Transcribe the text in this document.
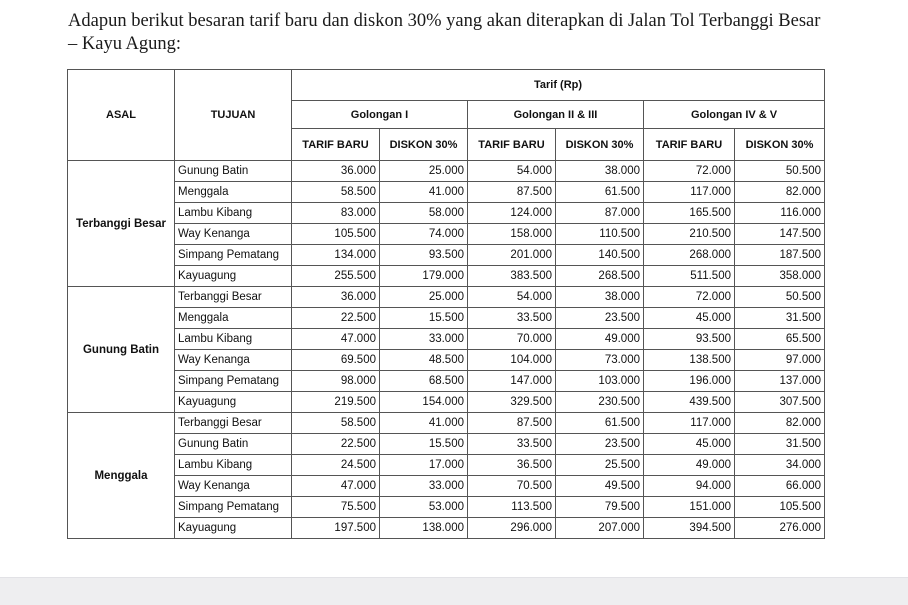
Adapun berikut besaran tarif baru dan diskon 30% yang akan diterapkan di Jalan Tol Terbanggi Besar
– Kayu Agung:

ASAL	TUJUAN	Tarif (Rp)					
		Golongan I		Golongan II & III		Golongan IV & V	
		TARIF BARU	DISKON 30%	TARIF BARU	DISKON 30%	TARIF BARU	DISKON 30%
Terbanggi Besar	Gunung Batin	36.000	25.000	54.000	38.000	72.000	50.500
	Menggala	58.500	41.000	87.500	61.500	117.000	82.000
	Lambu Kibang	83.000	58.000	124.000	87.000	165.500	116.000
	Way Kenanga	105.500	74.000	158.000	110.500	210.500	147.500
	Simpang Pematang	134.000	93.500	201.000	140.500	268.000	187.500
	Kayuagung	255.500	179.000	383.500	268.500	511.500	358.000
Gunung Batin	Terbanggi Besar	36.000	25.000	54.000	38.000	72.000	50.500
	Menggala	22.500	15.500	33.500	23.500	45.000	31.500
	Lambu Kibang	47.000	33.000	70.000	49.000	93.500	65.500
	Way Kenanga	69.500	48.500	104.000	73.000	138.500	97.000
	Simpang Pematang	98.000	68.500	147.000	103.000	196.000	137.000
	Kayuagung	219.500	154.000	329.500	230.500	439.500	307.500
Menggala	Terbanggi Besar	58.500	41.000	87.500	61.500	117.000	82.000
	Gunung Batin	22.500	15.500	33.500	23.500	45.000	31.500
	Lambu Kibang	24.500	17.000	36.500	25.500	49.000	34.000
	Way Kenanga	47.000	33.000	70.500	49.500	94.000	66.000
	Simpang Pematang	75.500	53.000	113.500	79.500	151.000	105.500
	Kayuagung	197.500	138.000	296.000	207.000	394.500	276.000
